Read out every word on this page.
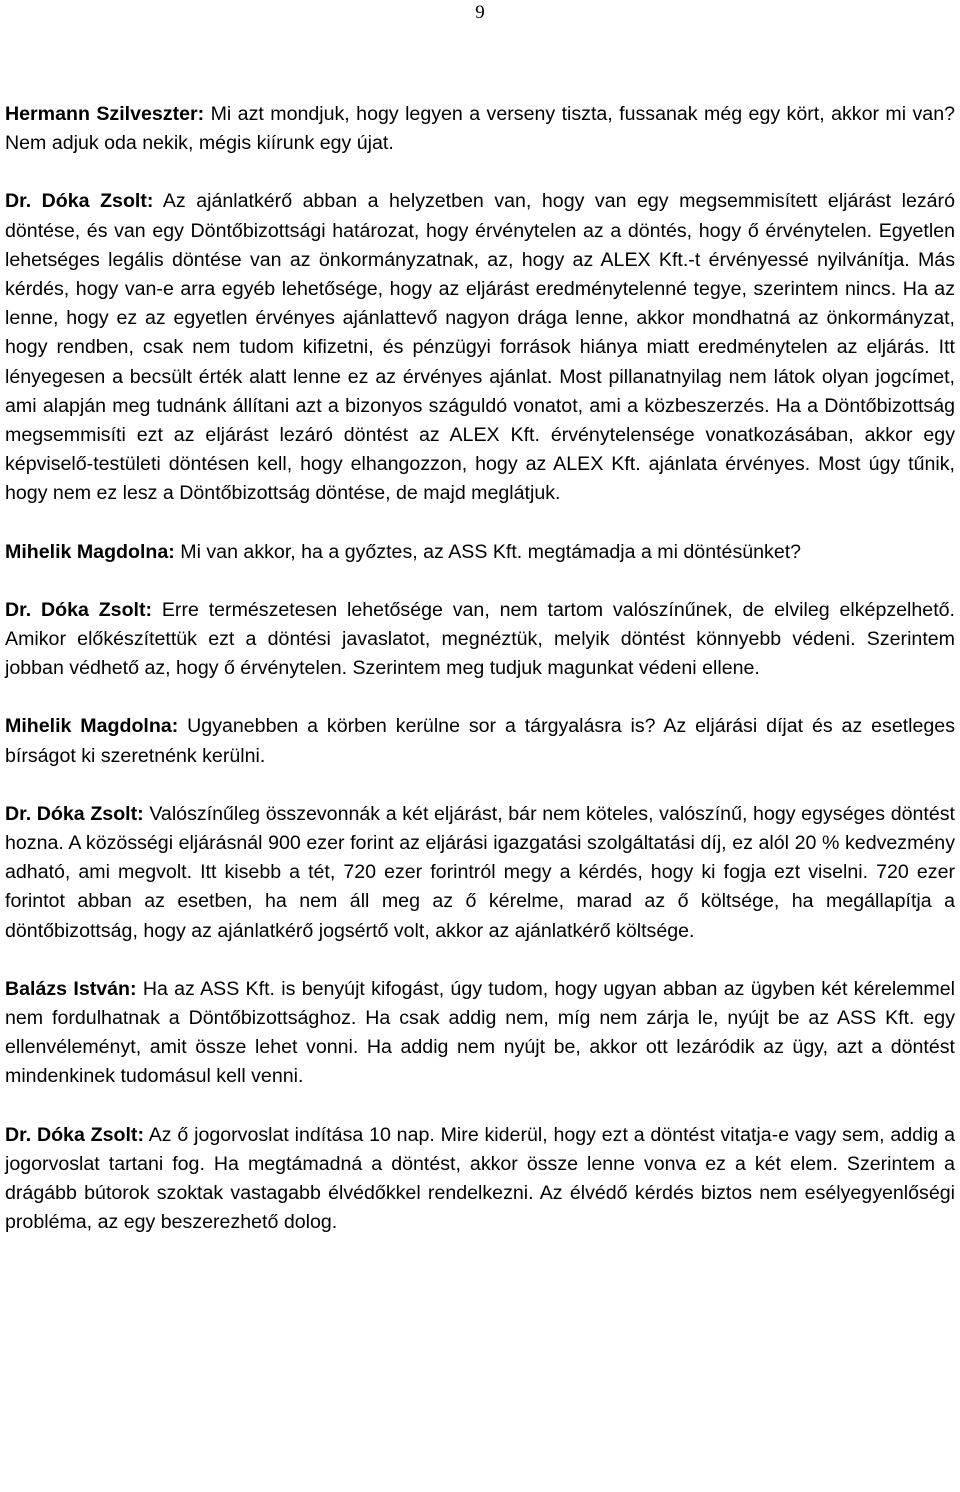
9

Hermann Szilveszter: Mi azt mondjuk, hogy legyen a verseny tiszta, fussanak még egy kört, akkor mi van? Nem adjuk oda nekik, mégis kiírunk egy újat.

Dr. Dóka Zsolt: Az ajánlatkérő abban a helyzetben van, hogy van egy megsemmisített eljárást lezáró döntése, és van egy Döntőbizottsági határozat, hogy érvénytelen az a döntés, hogy ő érvénytelen. Egyetlen lehetséges legális döntése van az önkormányzatnak, az, hogy az ALEX Kft.-t érvényessé nyilvánítja. Más kérdés, hogy van-e arra egyéb lehetősége, hogy az eljárást eredménytelenné tegye, szerintem nincs. Ha az lenne, hogy ez az egyetlen érvényes ajánlattevő nagyon drága lenne, akkor mondhatná az önkormányzat, hogy rendben, csak nem tudom kifizetni, és pénzügyi források hiánya miatt eredménytelen az eljárás. Itt lényegesen a becsült érték alatt lenne ez az érvényes ajánlat. Most pillanatnyilag nem látok olyan jogcímet, ami alapján meg tudnánk állítani azt a bizonyos száguldó vonatot, ami a közbeszerzés. Ha a Döntőbizottság megsemmisíti ezt az eljárást lezáró döntést az ALEX Kft. érvénytelensége vonatkozásában, akkor egy képviselő-testületi döntésen kell, hogy elhangozzon, hogy az ALEX Kft. ajánlata érvényes. Most úgy tűnik, hogy nem ez lesz a Döntőbizottság döntése, de majd meglátjuk.

Mihelik Magdolna: Mi van akkor, ha a győztes, az ASS Kft. megtámadja a mi döntésünket?

Dr. Dóka Zsolt: Erre természetesen lehetősége van, nem tartom valószínűnek, de elvileg elképzelhető. Amikor előkészítettük ezt a döntési javaslatot, megnéztük, melyik döntést könnyebb védeni. Szerintem jobban védhető az, hogy ő érvénytelen. Szerintem meg tudjuk magunkat védeni ellene.

Mihelik Magdolna: Ugyanebben a körben kerülne sor a tárgyalásra is? Az eljárási díjat és az esetleges bírságot ki szeretnénk kerülni.

Dr. Dóka Zsolt: Valószínűleg összevonnák a két eljárást, bár nem köteles, valószínű, hogy egységes döntést hozna. A közösségi eljárásnál 900 ezer forint az eljárási igazgatási szolgáltatási díj, ez alól 20 % kedvezmény adható, ami megvolt. Itt kisebb a tét, 720 ezer forintról megy a kérdés, hogy ki fogja ezt viselni. 720 ezer forintot abban az esetben, ha nem áll meg az ő kérelme, marad az ő költsége, ha megállapítja a döntőbizottság, hogy az ajánlatkérő jogsértő volt, akkor az ajánlatkérő költsége.

Balázs István: Ha az ASS Kft. is benyújt kifogást, úgy tudom, hogy ugyan abban az ügyben két kérelemmel nem fordulhatnak a Döntőbizottsághoz. Ha csak addig nem, míg nem zárja le, nyújt be az ASS Kft. egy ellenvéleményt, amit össze lehet vonni. Ha addig nem nyújt be, akkor ott lezáródik az ügy, azt a döntést mindenkinek tudomásul kell venni.

Dr. Dóka Zsolt: Az ő jogorvoslat indítása 10 nap. Mire kiderül, hogy ezt a döntést vitatja-e vagy sem, addig a jogorvoslat tartani fog. Ha megtámadná a döntést, akkor össze lenne vonva ez a két elem. Szerintem a drágább bútorok szoktak vastagabb élvédőkkel rendelkezni. Az élvédő kérdés biztos nem esélyegyenlőségi probléma, az egy beszerezhető dolog.
